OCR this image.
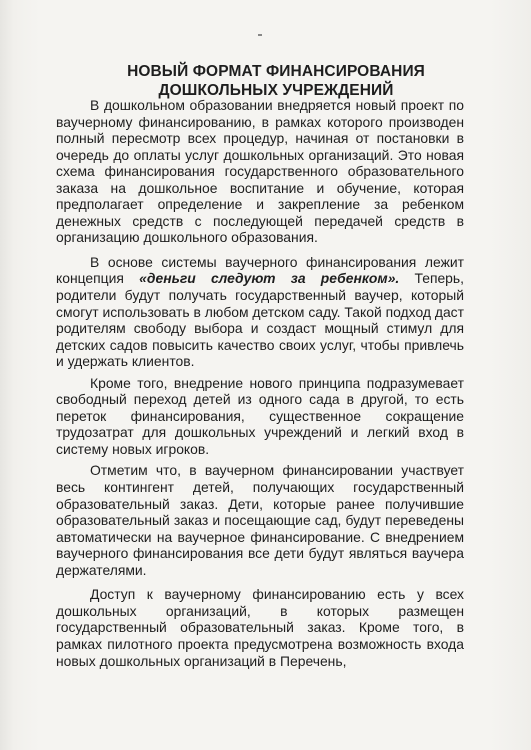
НОВЫЙ ФОРМАТ ФИНАНСИРОВАНИЯ
ДОШКОЛЬНЫХ УЧРЕЖДЕНИЙ

В дошкольном образовании внедряется новый проект по ваучерному финансированию, в рамках которого производен полный пересмотр всех процедур, начиная от постановки в очередь до оплаты услуг дошкольных организаций. Это новая схема финансирования государственного образовательного заказа на дошкольное воспитание и обучение, которая предполагает определение и закрепление за ребенком денежных средств с последующей передачей средств в организацию дошкольного образования.

В основе системы ваучерного финансирования лежит концепция «деньги следуют за ребенком». Теперь, родители будут получать государственный ваучер, который смогут использовать в любом детском саду. Такой подход даст родителям свободу выбора и создаст мощный стимул для детских садов повысить качество своих услуг, чтобы привлечь и удержать клиентов.

Кроме того, внедрение нового принципа подразумевает свободный переход детей из одного сада в другой, то есть переток финансирования, существенное сокращение трудозатрат для дошкольных учреждений и легкий вход в систему новых игроков.

Отметим что, в ваучерном финансировании участвует весь контингент детей, получающих государственный образовательный заказ. Дети, которые ранее получившие образовательный заказ и посещающие сад, будут переведены автоматически на ваучерное финансирование. С внедрением ваучерного финансирования все дети будут являться ваучера держателями.

Доступ к ваучерному финансированию есть у всех дошкольных организаций, в которых размещен государственный образовательный заказ. Кроме того, в рамках пилотного проекта предусмотрена возможность входа новых дошкольных организаций в Перечень,
